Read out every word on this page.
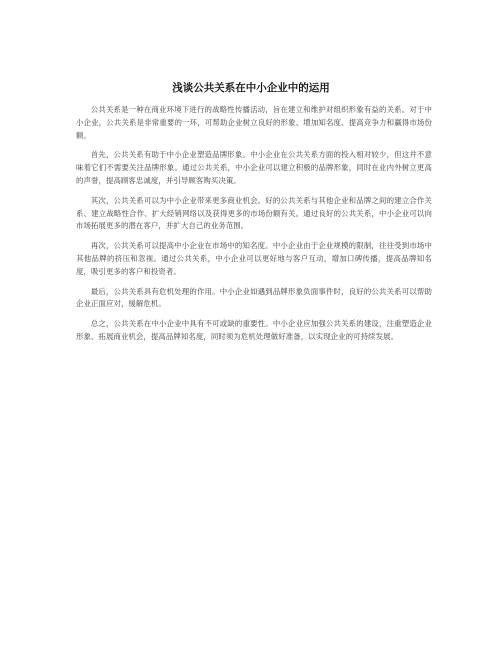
浅谈公共关系在中小企业中的运用

公共关系是一种在商业环境下进行的战略性传播活动，旨在建立和维护对组织形象有益的关系。对于中小企业，公共关系是非常重要的一环，可帮助企业树立良好的形象、增加知名度、提高竞争力和赢得市场份额。

首先，公共关系有助于中小企业塑造品牌形象。中小企业在公共关系方面的投入相对较少，但这并不意味着它们不需要关注品牌形象。通过公共关系，中小企业可以建立积极的品牌形象，同时在业内外树立更高的声誉，提高顾客忠诚度，并引导顾客购买决策。

其次，公共关系可以为中小企业带来更多商业机会。好的公共关系与其他企业和品牌之间的建立合作关系、建立战略性合作、扩大经销网络以及获得更多的市场份额有关。通过良好的公共关系，中小企业可以向市场拓展更多的潜在客户，并扩大自己的业务范围。

再次，公共关系可以提高中小企业在市场中的知名度。中小企业由于企业规模的限制，往往受到市场中其他品牌的挤压和忽视。通过公共关系，中小企业可以更好地与客户互动，增加口碑传播，提高品牌知名度，吸引更多的客户和投资者。

最后，公共关系具有危机处理的作用。中小企业如遇到品牌形象负面事件时，良好的公共关系可以帮助企业正面应对，缓解危机。

总之，公共关系在中小企业中具有不可或缺的重要性。中小企业应加强公共关系的建设，注重塑造企业形象、拓展商业机会，提高品牌知名度，同时须为危机处理做好准备，以实现企业的可持续发展。
